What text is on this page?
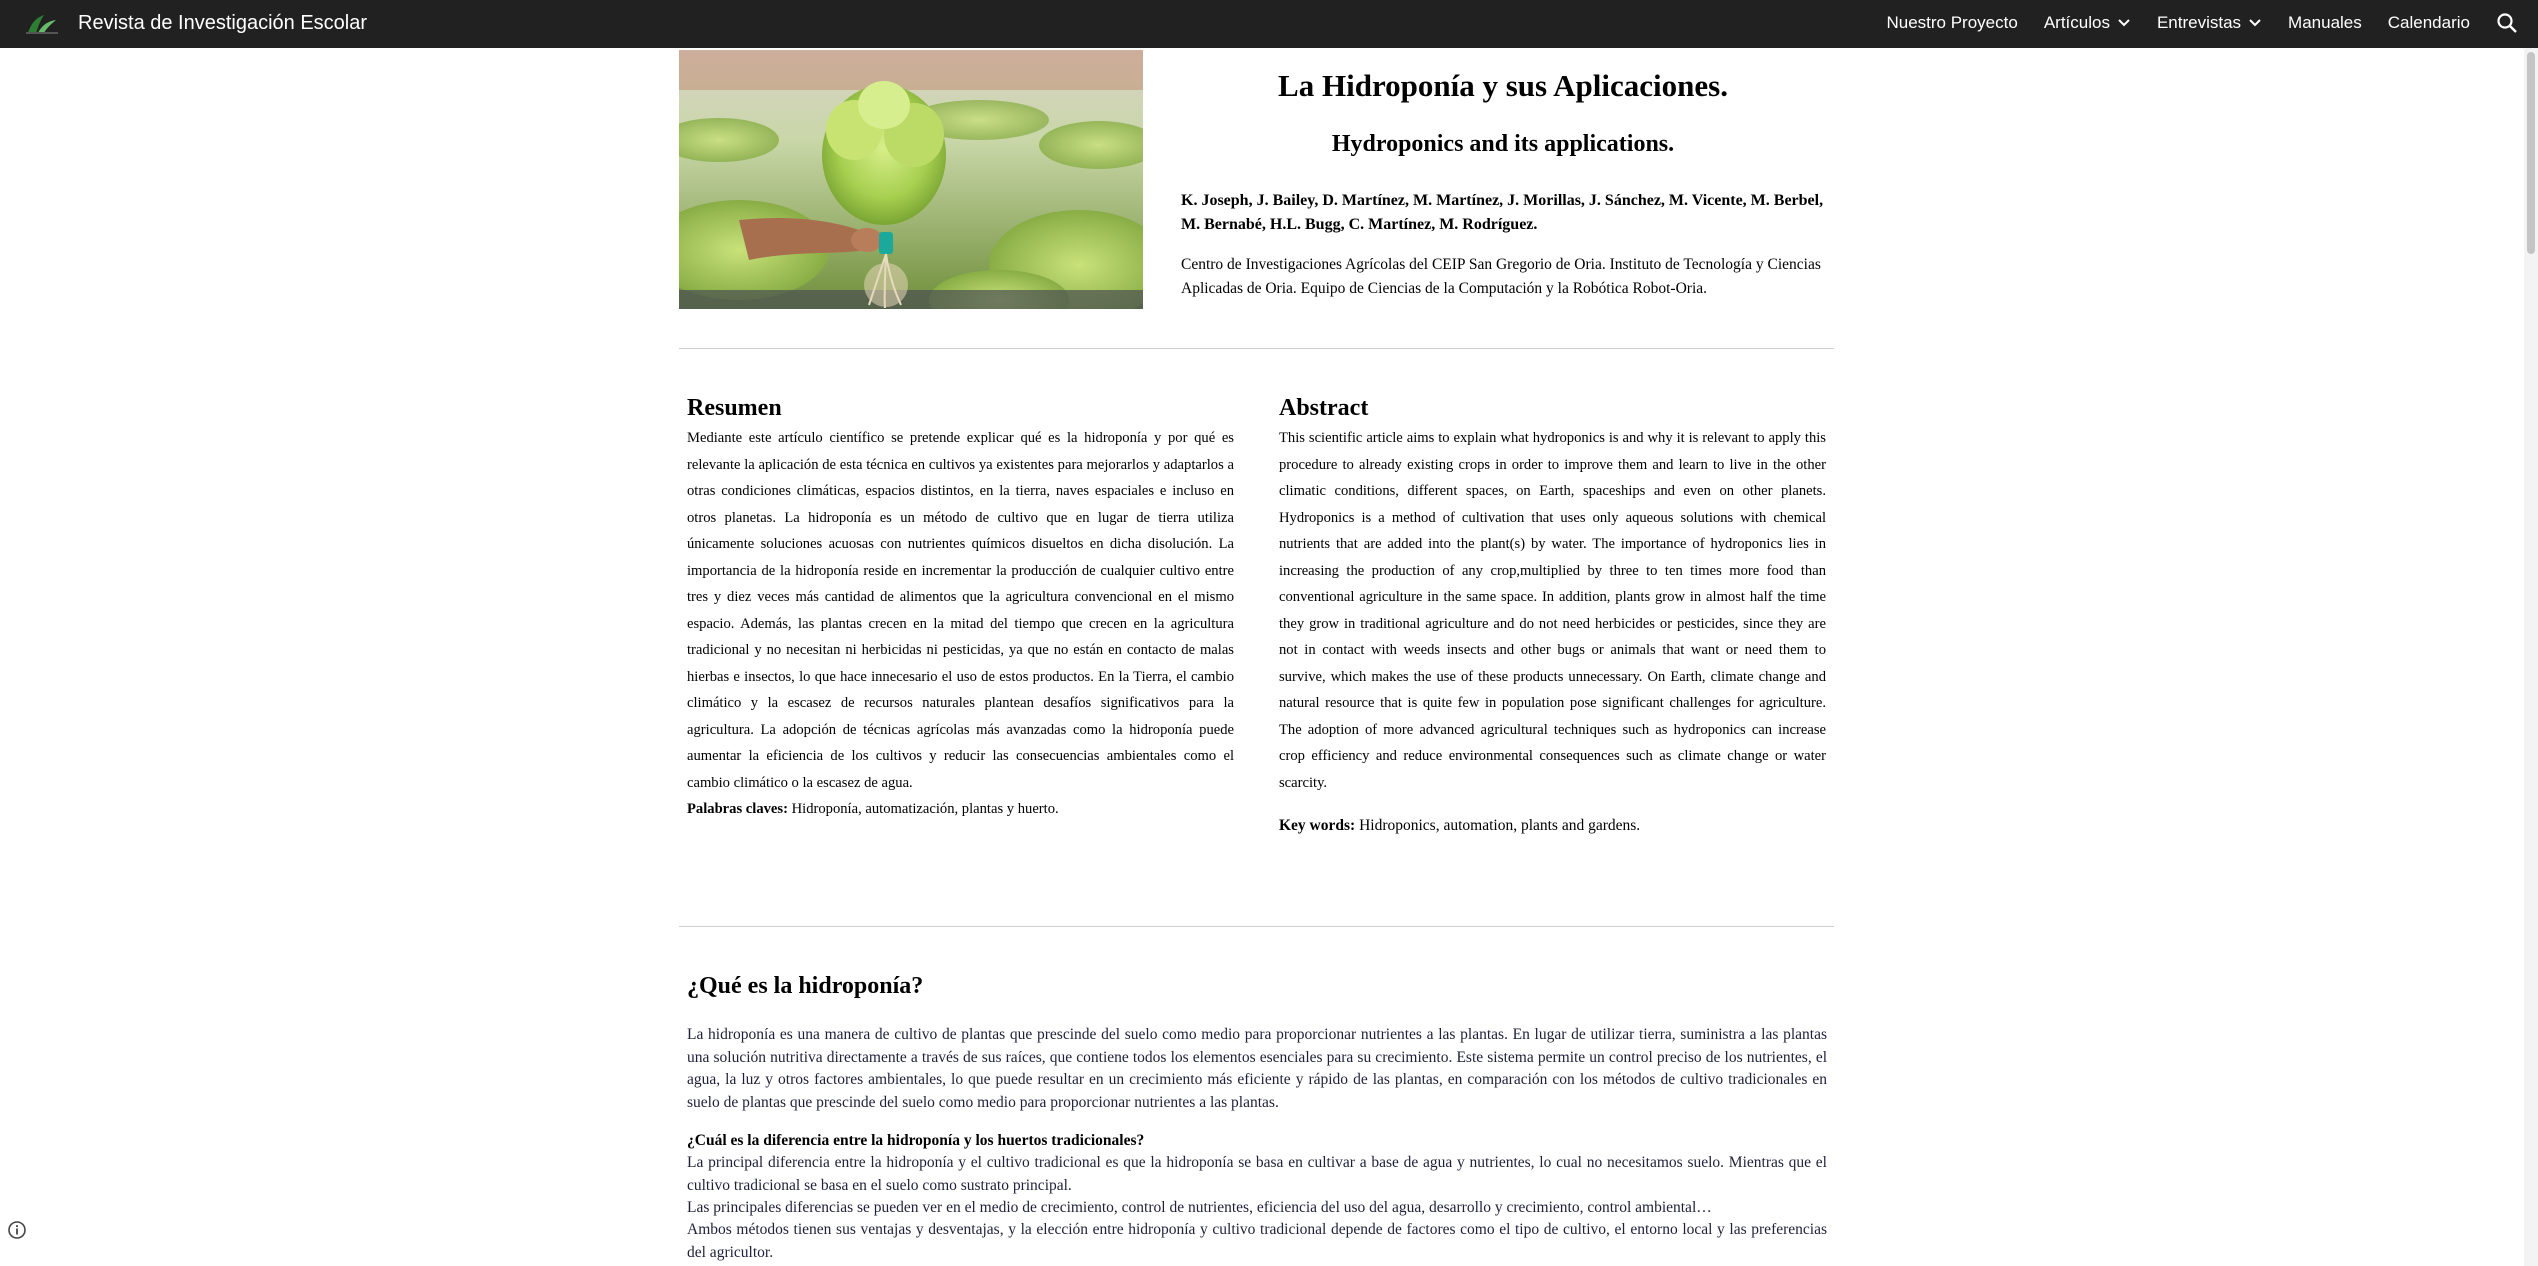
Revista de Investigación Escolar	Nuestro Proyecto Artículos	Entrevistas	Manuales Calendario
La Hidroponía y sus Aplicaciones.
Hydroponics and its applications.
K. Joseph, J. Bailey, D. Martínez, M. Martínez, J. Morillas, J. Sánchez, M. Vicente, M. Berbel, M. Bernabé, H.L. Bugg, C. Martínez, M. Rodríguez.
Centro de Investigaciones Agrícolas del CEIP San Gregorio de Oria. Instituto de Tecnología y Ciencias Aplicadas de Oria. Equipo de Ciencias de la Computación y la Robótica Robot-Oria.
Resumen
Mediante este artículo científico se pretende explicar qué es la hidroponía y por qué es relevante la aplicación de esta técnica en cultivos ya existentes para mejorarlos y adaptarlos a otras condiciones climáticas, espacios distintos, en la tierra, naves espaciales e incluso en otros planetas. La hidroponía es un método de cultivo que en lugar de tierra utiliza únicamente soluciones acuosas con nutrientes químicos disueltos en dicha disolución. La importancia de la hidroponía reside en incrementar la producción de cualquier cultivo entre tres y diez veces más cantidad de alimentos que la agricultura convencional en el mismo espacio. Además, las plantas crecen en la mitad del tiempo que crecen en la agricultura tradicional y no necesitan ni herbicidas ni pesticidas, ya que no están en contacto de malas hierbas e insectos, lo que hace innecesario el uso de estos productos. En la Tierra, el cambio climático y la escasez de recursos naturales plantean desafíos significativos para la agricultura. La adopción de técnicas agrícolas más avanzadas como la hidroponía puede aumentar la eficiencia de los cultivos y reducir las consecuencias ambientales como el cambio climático o la escasez de agua.
Palabras claves: Hidroponía, automatización, plantas y huerto.
Abstract
This scientific article aims to explain what hydroponics is and why it is relevant to apply this procedure to already existing crops in order to improve them and learn to live in the other climatic conditions, different spaces, on Earth, spaceships and even on other planets. Hydroponics is a method of cultivation that uses only aqueous solutions with chemical nutrients that are added into the plant(s) by water. The importance of hydroponics lies in increasing the production of any crop,multiplied by three to ten times more food than conventional agriculture in the same space. In addition, plants grow in almost half the time they grow in traditional agriculture and do not need herbicides or pesticides, since they are not in contact with weeds insects and other bugs or animals that want or need them to survive, which makes the use of these products unnecessary. On Earth, climate change and natural resource that is quite few in population pose significant challenges for agriculture. The adoption of more advanced agricultural techniques such as hydroponics can increase crop efficiency and reduce environmental consequences such as climate change or water scarcity.
Key words: Hidroponics, automation, plants and gardens.
¿Qué es la hidroponía?
La hidroponía es una manera de cultivo de plantas que prescinde del suelo como medio para proporcionar nutrientes a las plantas. En lugar de utilizar tierra, suministra a las plantas una solución nutritiva directamente a través de sus raíces, que contiene todos los elementos esenciales para su crecimiento. Este sistema permite un control preciso de los nutrientes, el agua, la luz y otros factores ambientales, lo que puede resultar en un crecimiento más eficiente y rápido de las plantas, en comparación con los métodos de cultivo tradicionales en suelo de plantas que prescinde del suelo como medio para proporcionar nutrientes a las plantas.
¿Cuál es la diferencia entre la hidroponía y los huertos tradicionales?
La principal diferencia entre la hidroponía y el cultivo tradicional es que la hidroponía se basa en cultivar a base de agua y nutrientes, lo cual no necesitamos suelo. Mientras que el cultivo tradicional se basa en el suelo como sustrato principal.
Las principales diferencias se pueden ver en el medio de crecimiento, control de nutrientes, eficiencia del uso del agua, desarrollo y crecimiento, control ambiental…
Ambos métodos tienen sus ventajas y desventajas, y la elección entre hidroponía y cultivo tradicional depende de factores como el tipo de cultivo, el entorno local y las preferencias del agricultor.
